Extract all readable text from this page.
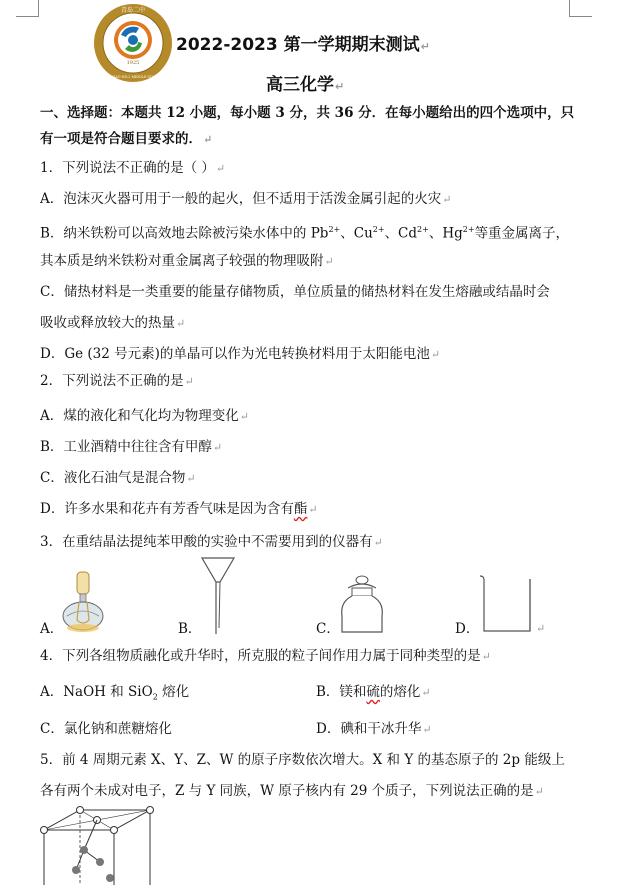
1925
青岛二中
QINGDAO NO.2 MIDDLE SCHOOL
2022-2023 第一学期期末测试↵
高三化学↵
一、选择题：本题共 12 小题，每小题 3 分，共 36 分．在每小题给出的四个选项中，只
有一项是符合题目要求的．↵
1．下列说法不正确的是（ ）↵
A．泡沫灭火器可用于一般的起火，但不适用于活泼金属引起的火灾↵
B．纳米铁粉可以高效地去除被污染水体中的 $Pb^{2+}$、$Cu^{2+}$、$Cd^{2+}$、$Hg^{2+}$等重金属离子，
其本质是纳米铁粉对重金属离子较强的物理吸附↵
C．储热材料是一类重要的能量存储物质，单位质量的储热材料在发生熔融或结晶时会
吸收或释放较大的热量↵
D．Ge (32 号元素)的单晶可以作为光电转换材料用于太阳能电池↵
2．下列说法不正确的是↵
A．煤的液化和气化均为物理变化↵
B．工业酒精中往往含有甲醇↵
C．液化石油气是混合物↵
D．许多水果和花卉有芳香气味是因为含有酯↵
3．在重结晶法提纯苯甲酸的实验中不需要用到的仪器有↵
A．	B．	C．	D．	↵
4．下列各组物质融化或升华时，所克服的粒子间作用力属于同种类型的是↵
A．NaOH 和 SiO$_2$ 熔化	B．镁和硫的熔化↵
C．氯化钠和蔗糖熔化	D．碘和干冰升华↵
5．前 4 周期元素 X、Y、Z、W 的原子序数依次增大。X 和 Y 的基态原子的 2p 能级上
各有两个未成对电子，Z 与 Y 同族，W 原子核内有 29 个质子，下列说法正确的是↵
